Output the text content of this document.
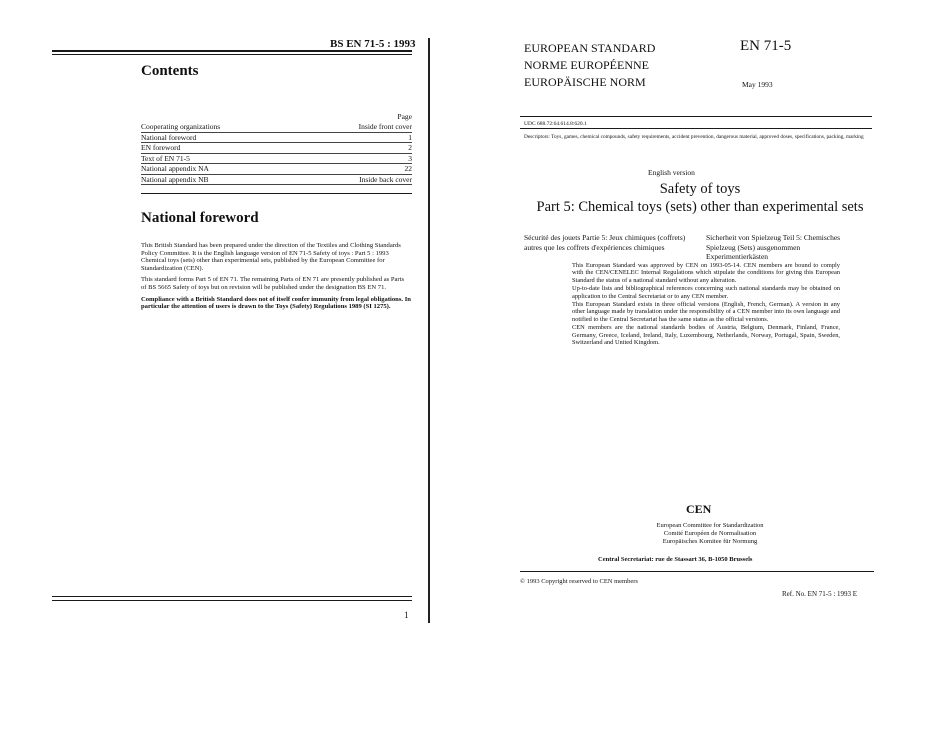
BS EN 71-5 : 1993
Contents
Page
Cooperating organizations	Inside front cover
National foreword	1
EN foreword	2
Text of EN 71-5	3
National appendix NA	22
National appendix NB	Inside back cover
National foreword

This British Standard has been prepared under the direction of the Textiles and Clothing Standards Policy Committee. It is the English language version of EN 71-5 Safety of toys : Part 5 : 1993 Chemical toys (sets) other than experimental sets, published by the European Committee for Standardization (CEN).

This standard forms Part 5 of EN 71. The remaining Parts of EN 71 are presently published as Parts of BS 5665 Safety of toys but on revision will be published under the designation BS EN 71.

Compliance with a British Standard does not of itself confer immunity from legal obligations. In particular the attention of users is drawn to the Toys (Safety) Regulations 1989 (SI 1275).

1
EUROPEAN STANDARD
NORME EUROPÉENNE
EUROPÄISCHE NORM
EN 71-5
May 1993
UDC 688.72:64.614.8:620.1
Descriptors: Toys, games, chemical compounds, safety requirements, accident prevention, dangerous material, approved doses, specifications, packing, marking
English version
Safety of toys
Part 5: Chemical toys (sets) other than experimental sets
Sécurité des jouets Partie 5: Jeux chimiques (coffrets) autres que les coffrets d'expériences chimiques
Sicherheit von Spielzeug Teil 5: Chemisches Spielzeug (Sets) ausgenommen Experimentierkästen

This European Standard was approved by CEN on 1993-05-14. CEN members are bound to comply with the CEN/CENELEC Internal Regulations which stipulate the conditions for giving this European Standard the status of a national standard without any alteration.

Up-to-date lists and bibliographical references concerning such national standards may be obtained on application to the Central Secretariat or to any CEN member.

This European Standard exists in three official versions (English, French, German). A version in any other language made by translation under the responsibility of a CEN member into its own language and notified to the Central Secretariat has the same status as the official versions.

CEN members are the national standards bodies of Austria, Belgium, Denmark, Finland, France, Germany, Greece, Iceland, Ireland, Italy, Luxembourg, Netherlands, Norway, Portugal, Spain, Sweden, Switzerland and United Kingdom.

CEN
European Committee for Standardization
Comité Européen de Normalisation
Europäisches Komitee für Normung
Central Secretariat: rue de Stassart 36, B-1050 Brussels
© 1993 Copyright reserved to CEN members
Ref. No. EN 71-5 : 1993 E
